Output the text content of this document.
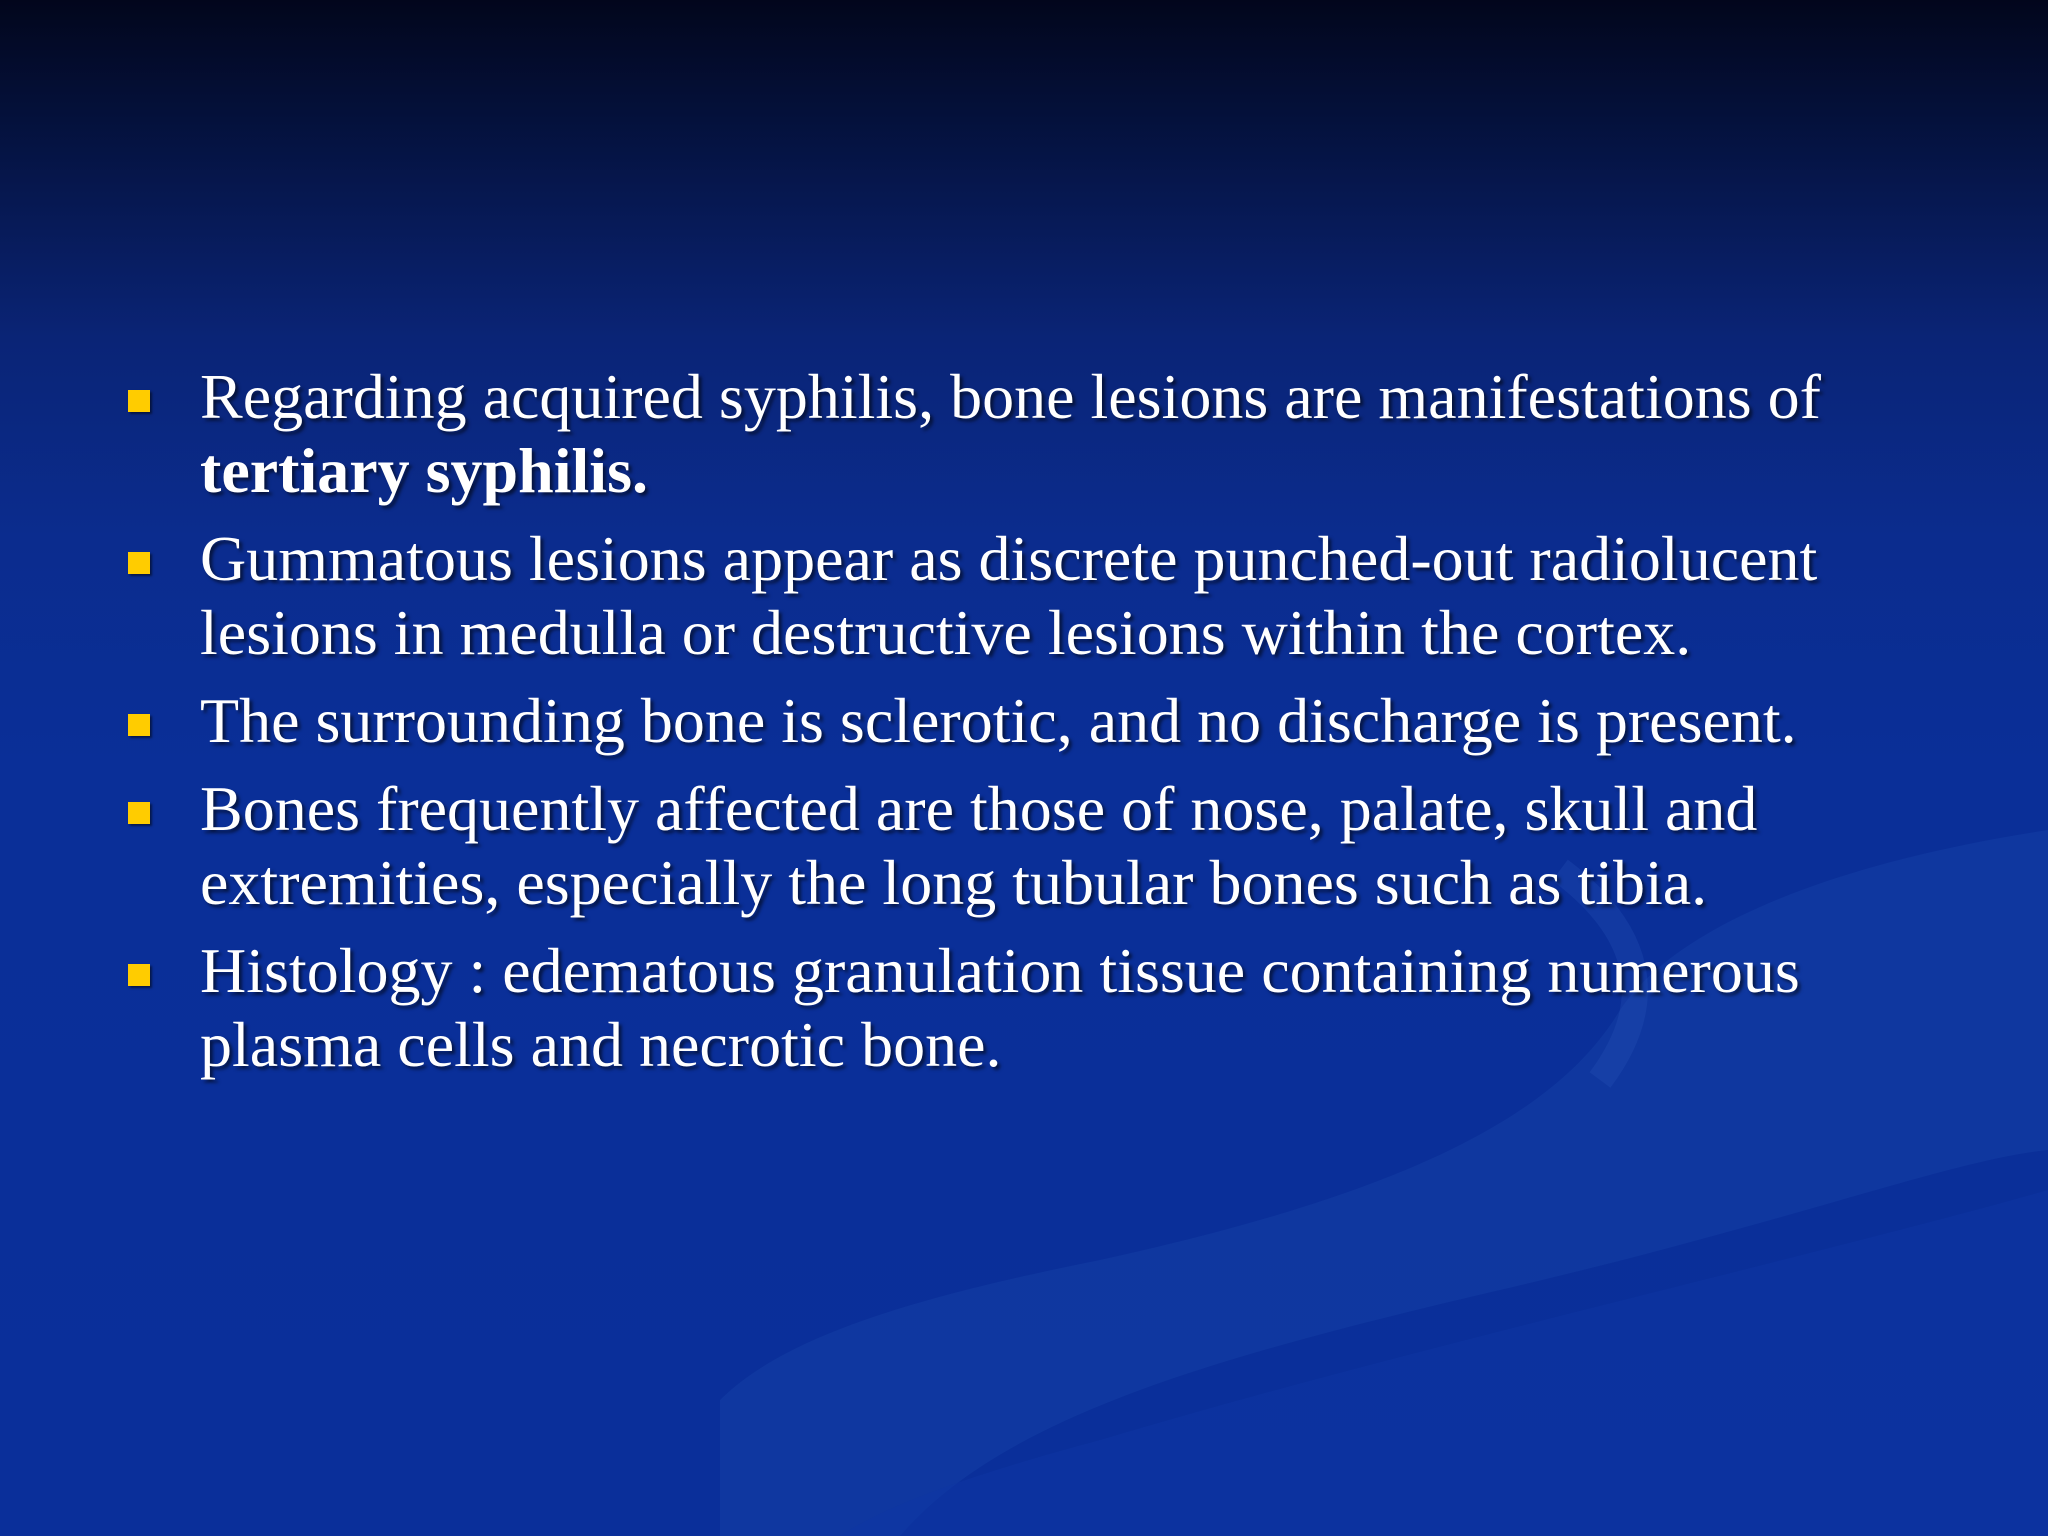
Regarding acquired syphilis, bone lesions are manifestations of tertiary syphilis.
Gummatous lesions appear as discrete punched-out radiolucent lesions in medulla or destructive lesions within the cortex.
The surrounding bone is sclerotic, and no discharge is present.
Bones frequently affected are those of nose, palate, skull and extremities, especially the long tubular bones such as tibia.
Histology : edematous granulation tissue containing numerous plasma cells and necrotic bone.
